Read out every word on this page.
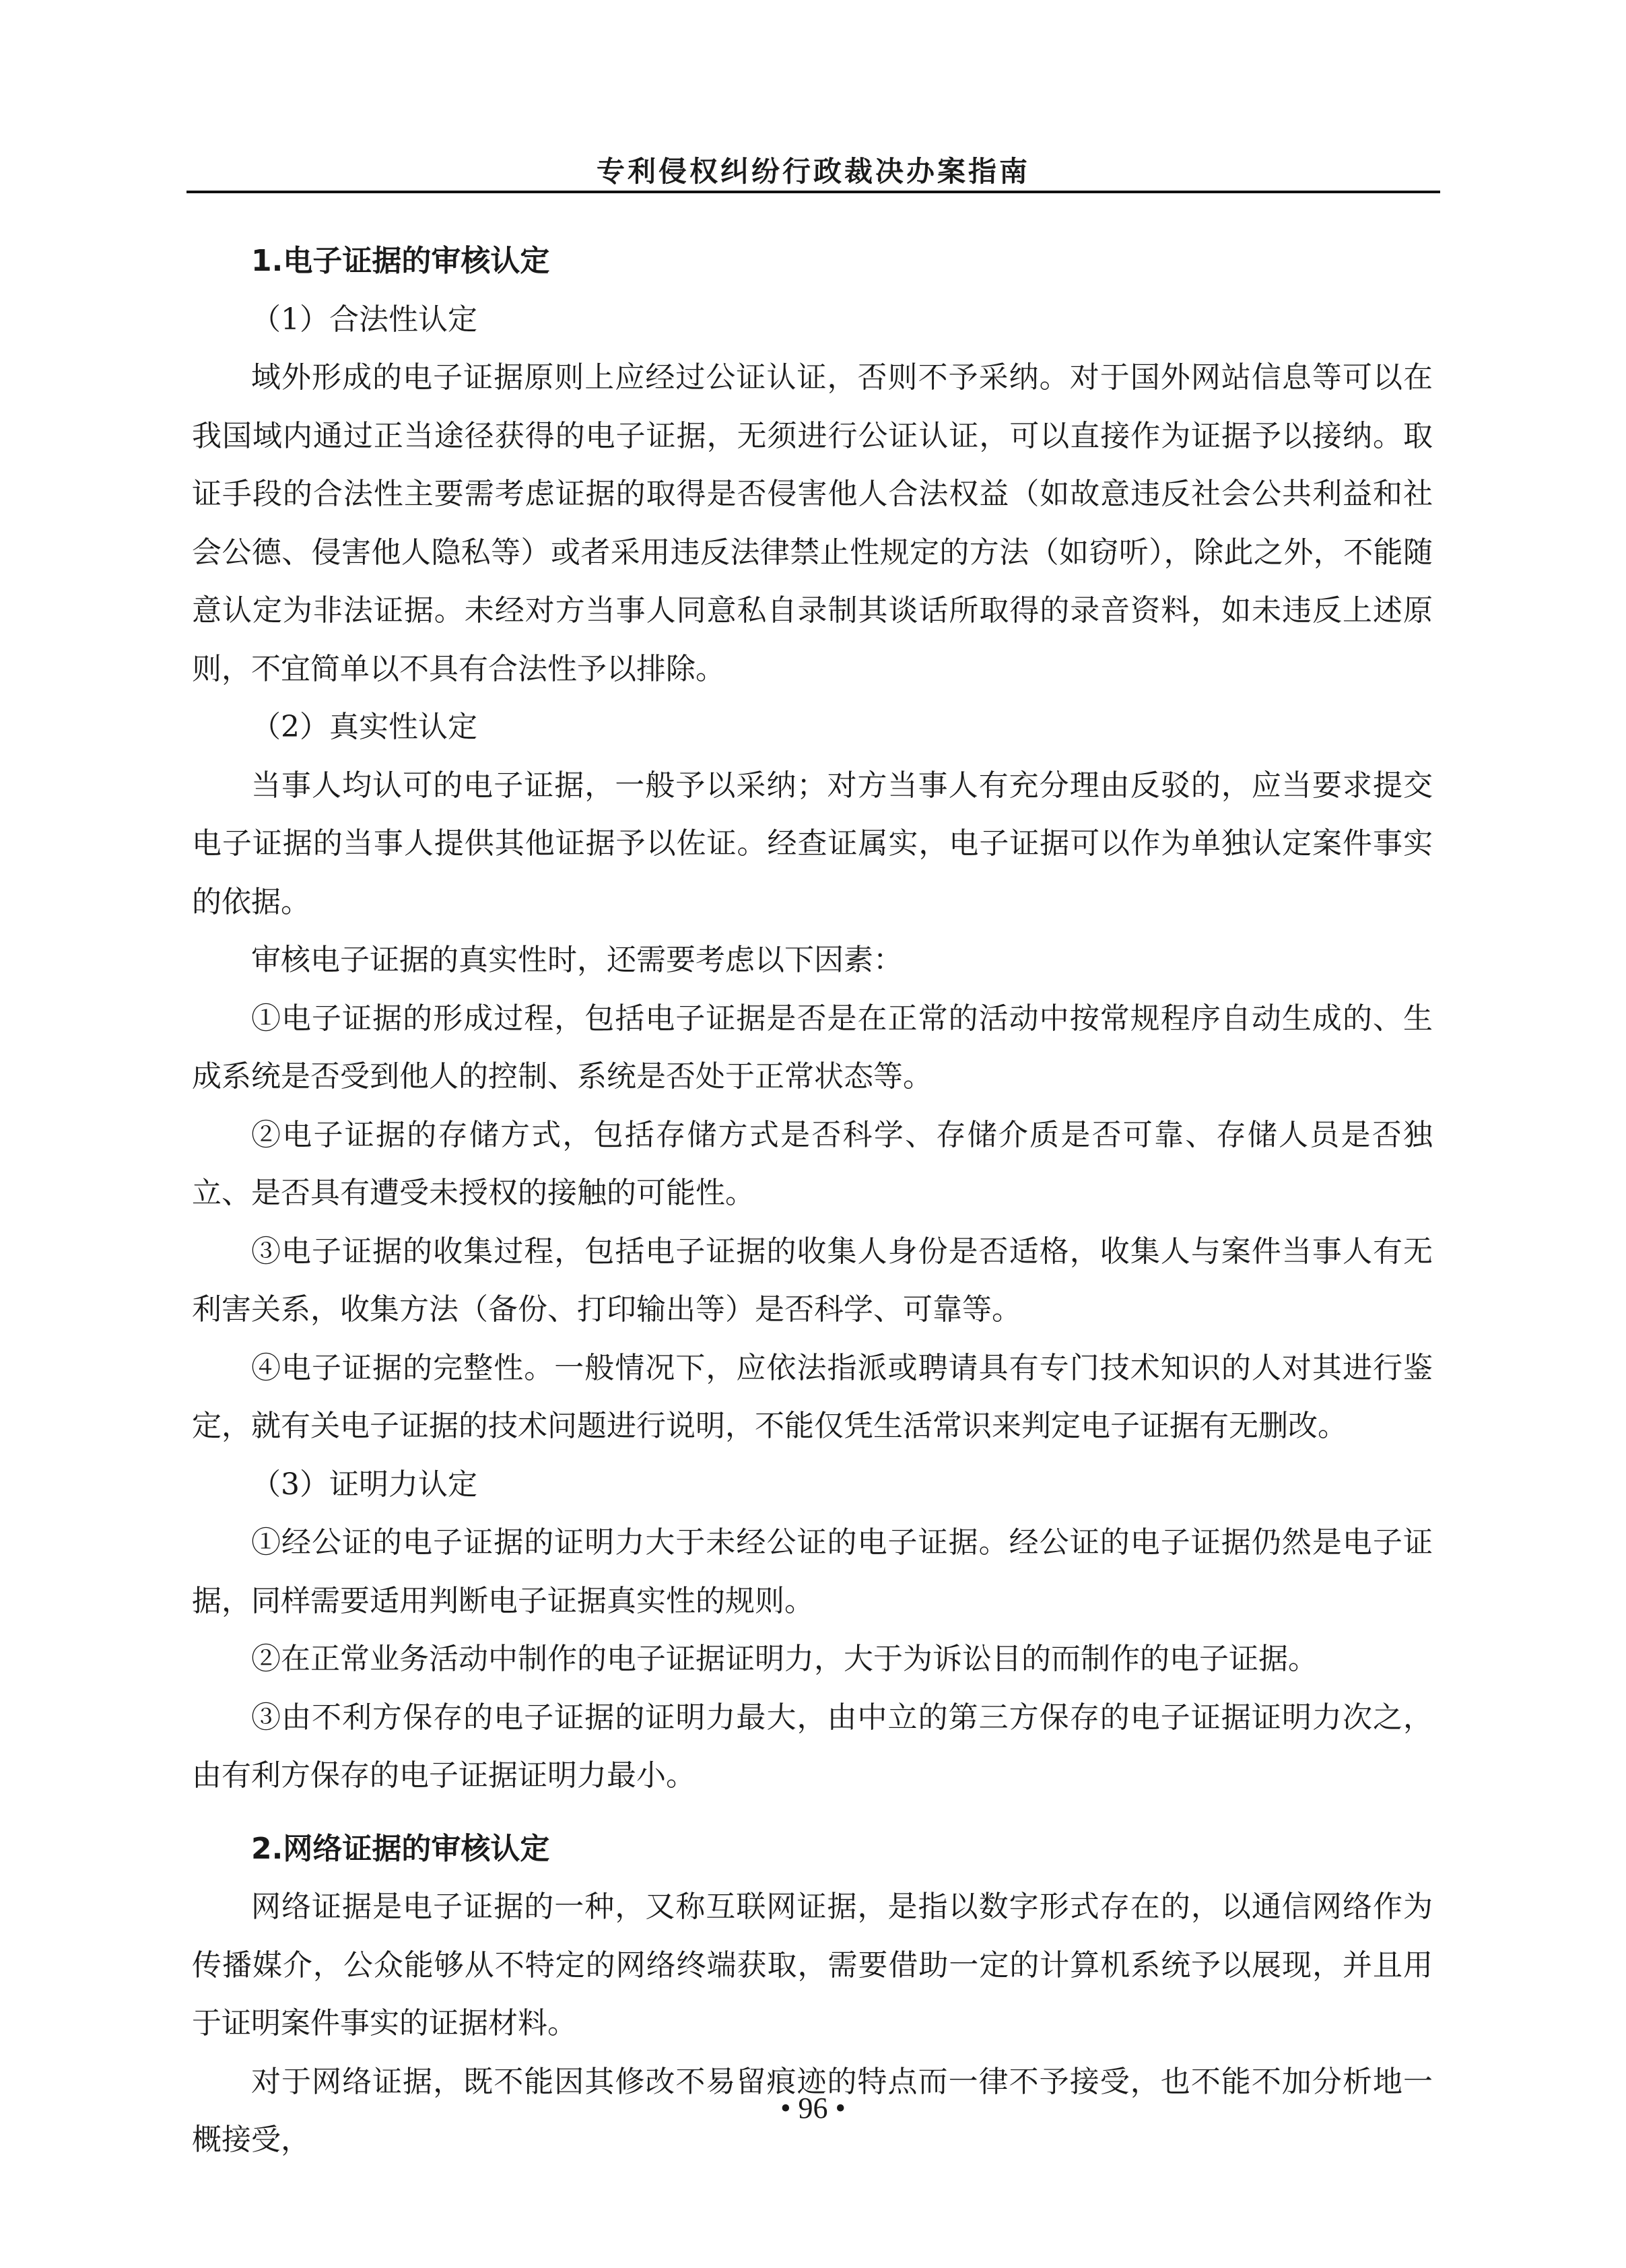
专利侵权纠纷行政裁决办案指南
1.电子证据的审核认定

（1）合法性认定

域外形成的电子证据原则上应经过公证认证，否则不予采纳。对于国外网站信息等可以在我国域内通过正当途径获得的电子证据，无须进行公证认证，可以直接作为证据予以接纳。取证手段的合法性主要需考虑证据的取得是否侵害他人合法权益（如故意违反社会公共利益和社会公德、侵害他人隐私等）或者采用违反法律禁止性规定的方法（如窃听），除此之外，不能随意认定为非法证据。未经对方当事人同意私自录制其谈话所取得的录音资料，如未违反上述原则，不宜简单以不具有合法性予以排除。

（2）真实性认定

当事人均认可的电子证据，一般予以采纳；对方当事人有充分理由反驳的，应当要求提交电子证据的当事人提供其他证据予以佐证。经查证属实，电子证据可以作为单独认定案件事实的依据。

审核电子证据的真实性时，还需要考虑以下因素：

①电子证据的形成过程，包括电子证据是否是在正常的活动中按常规程序自动生成的、生成系统是否受到他人的控制、系统是否处于正常状态等。

②电子证据的存储方式，包括存储方式是否科学、存储介质是否可靠、存储人员是否独立、是否具有遭受未授权的接触的可能性。

③电子证据的收集过程，包括电子证据的收集人身份是否适格，收集人与案件当事人有无利害关系，收集方法（备份、打印输出等）是否科学、可靠等。

④电子证据的完整性。一般情况下，应依法指派或聘请具有专门技术知识的人对其进行鉴定，就有关电子证据的技术问题进行说明，不能仅凭生活常识来判定电子证据有无删改。

（3）证明力认定

①经公证的电子证据的证明力大于未经公证的电子证据。经公证的电子证据仍然是电子证据，同样需要适用判断电子证据真实性的规则。

②在正常业务活动中制作的电子证据证明力，大于为诉讼目的而制作的电子证据。

③由不利方保存的电子证据的证明力最大，由中立的第三方保存的电子证据证明力次之，由有利方保存的电子证据证明力最小。

2.网络证据的审核认定

网络证据是电子证据的一种，又称互联网证据，是指以数字形式存在的，以通信网络作为传播媒介，公众能够从不特定的网络终端获取，需要借助一定的计算机系统予以展现，并且用于证明案件事实的证据材料。

对于网络证据，既不能因其修改不易留痕迹的特点而一律不予接受，也不能不加分析地一概接受，

• 96 •
